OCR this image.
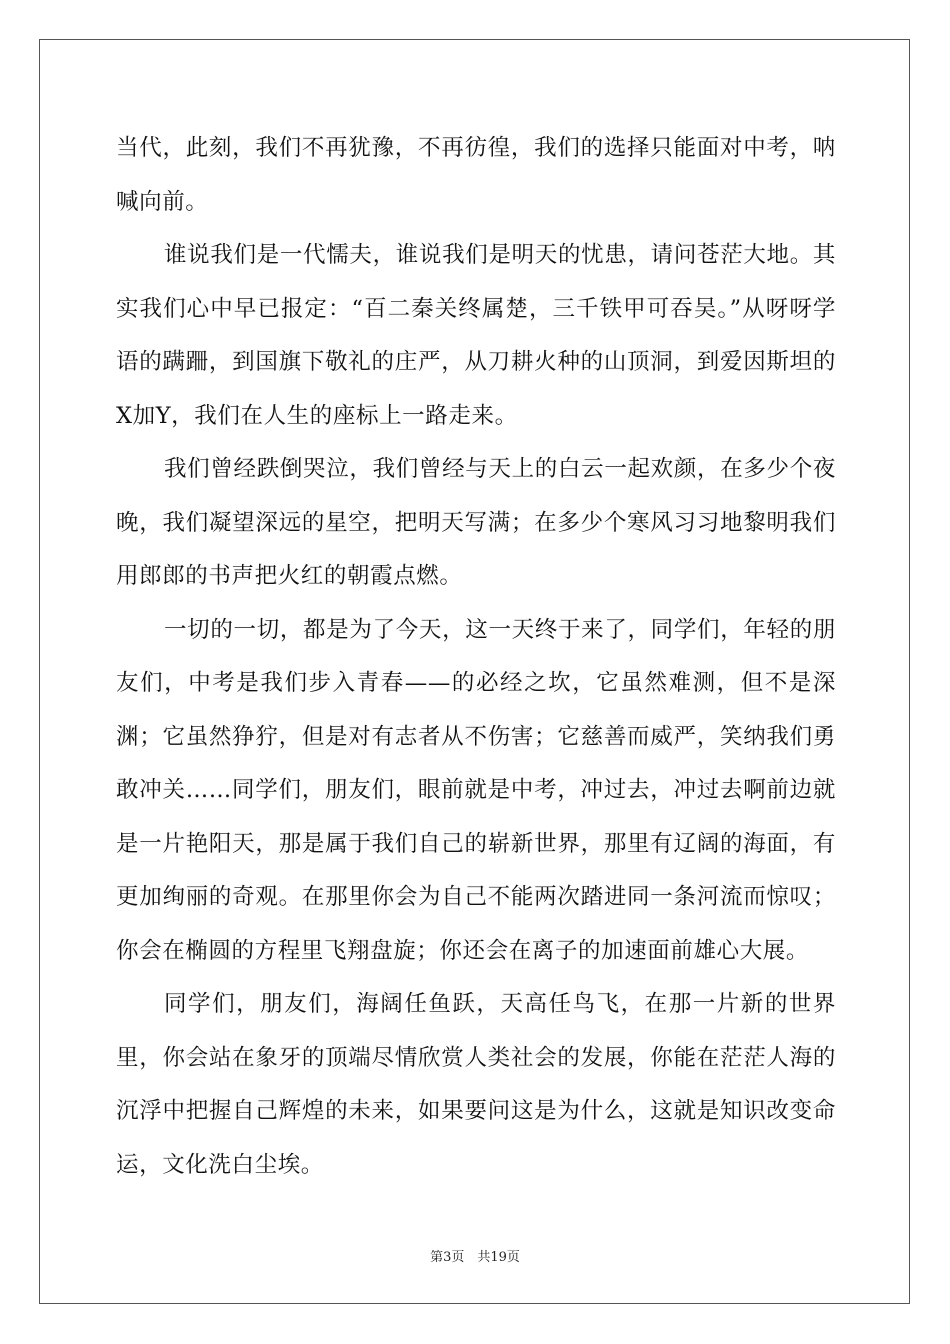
当代，此刻，我们不再犹豫，不再彷徨，我们的选择只能面对中考，呐喊向前。

谁说我们是一代懦夫，谁说我们是明天的忧患，请问苍茫大地。其实我们心中早已报定：“百二秦关终属楚，三千铁甲可吞吴。”从呀呀学语的蹒跚，到国旗下敬礼的庄严，从刀耕火种的山顶洞，到爱因斯坦的X加Y，我们在人生的座标上一路走来。

我们曾经跌倒哭泣，我们曾经与天上的白云一起欢颜，在多少个夜晚，我们凝望深远的星空，把明天写满；在多少个寒风习习地黎明我们用郎郎的书声把火红的朝霞点燃。

一切的一切，都是为了今天，这一天终于来了，同学们，年轻的朋友们，中考是我们步入青春——的必经之坎，它虽然难测，但不是深渊；它虽然狰狞，但是对有志者从不伤害；它慈善而威严，笑纳我们勇敢冲关……同学们，朋友们，眼前就是中考，冲过去，冲过去啊前边就是一片艳阳天，那是属于我们自己的崭新世界，那里有辽阔的海面，有更加绚丽的奇观。在那里你会为自己不能两次踏进同一条河流而惊叹；你会在椭圆的方程里飞翔盘旋；你还会在离子的加速面前雄心大展。

同学们，朋友们，海阔任鱼跃，天高任鸟飞，在那一片新的世界里，你会站在象牙的顶端尽情欣赏人类社会的发展，你能在茫茫人海的沉浮中把握自己辉煌的未来，如果要问这是为什么，这就是知识改变命运，文化洗白尘埃。

第3页　共19页
